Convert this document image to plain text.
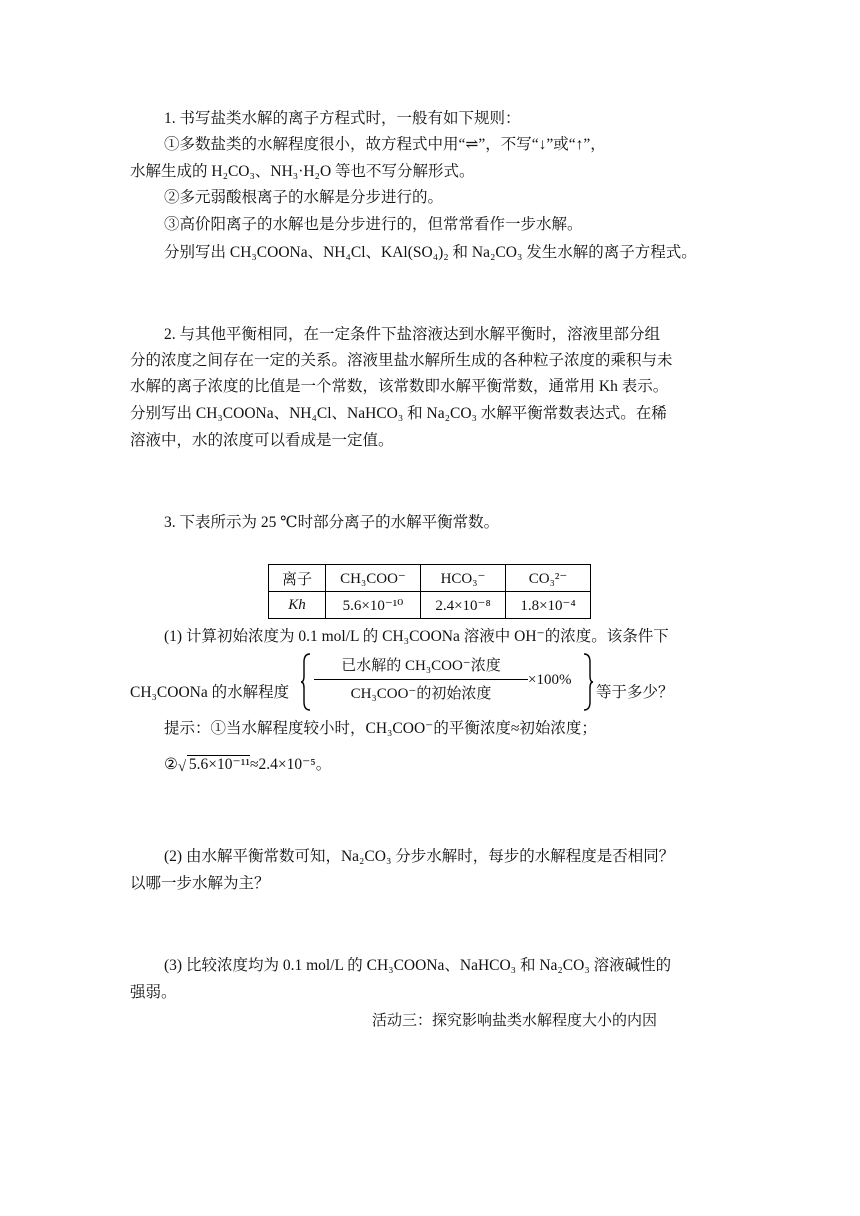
1. 书写盐类水解的离子方程式时，一般有如下规则：

①多数盐类的水解程度很小，故方程式中用“⇌”，不写“↓”或“↑”，

水解生成的 H₂CO₃、NH₃·H₂O 等也不写分解形式。

②多元弱酸根离子的水解是分步进行的。

③高价阳离子的水解也是分步进行的，但常常看作一步水解。

分别写出 CH₃COONa、NH₄Cl、KAl(SO₄)₂ 和 Na₂CO₃ 发生水解的离子方程式。

2. 与其他平衡相同，在一定条件下盐溶液达到水解平衡时，溶液里部分组

分的浓度之间存在一定的关系。溶液里盐水解所生成的各种粒子浓度的乘积与未

水解的离子浓度的比值是一个常数，该常数即水解平衡常数，通常用 Kh 表示。

分别写出 CH₃COONa、NH₄Cl、NaHCO₃ 和 Na₂CO₃ 水解平衡常数表达式。在稀

溶液中，水的浓度可以看成是一定值。

3. 下表所示为 25 ℃时部分离子的水解平衡常数。

离子	CH₃COO⁻	HCO₃⁻	CO₃²⁻
Kh	5.6×10⁻¹⁰	2.4×10⁻⁸	1.8×10⁻⁴

(1) 计算初始浓度为 0.1 mol/L 的 CH₃COONa 溶液中 OH⁻的浓度。该条件下

CH₃COONa 的水解程度

已水解的 CH₃COO⁻浓度
CH₃COO⁻的初始浓度
×100%

等于多少？

提示：①当水解程度较小时，CH₃COO⁻的平衡浓度≈初始浓度；

② √ 5.6×10⁻¹¹≈2.4×10⁻⁵。

(2) 由水解平衡常数可知，Na₂CO₃ 分步水解时，每步的水解程度是否相同？

以哪一步水解为主？

(3) 比较浓度均为 0.1 mol/L 的 CH₃COONa、NaHCO₃ 和 Na₂CO₃ 溶液碱性的

强弱。

活动三：探究影响盐类水解程度大小的内因
